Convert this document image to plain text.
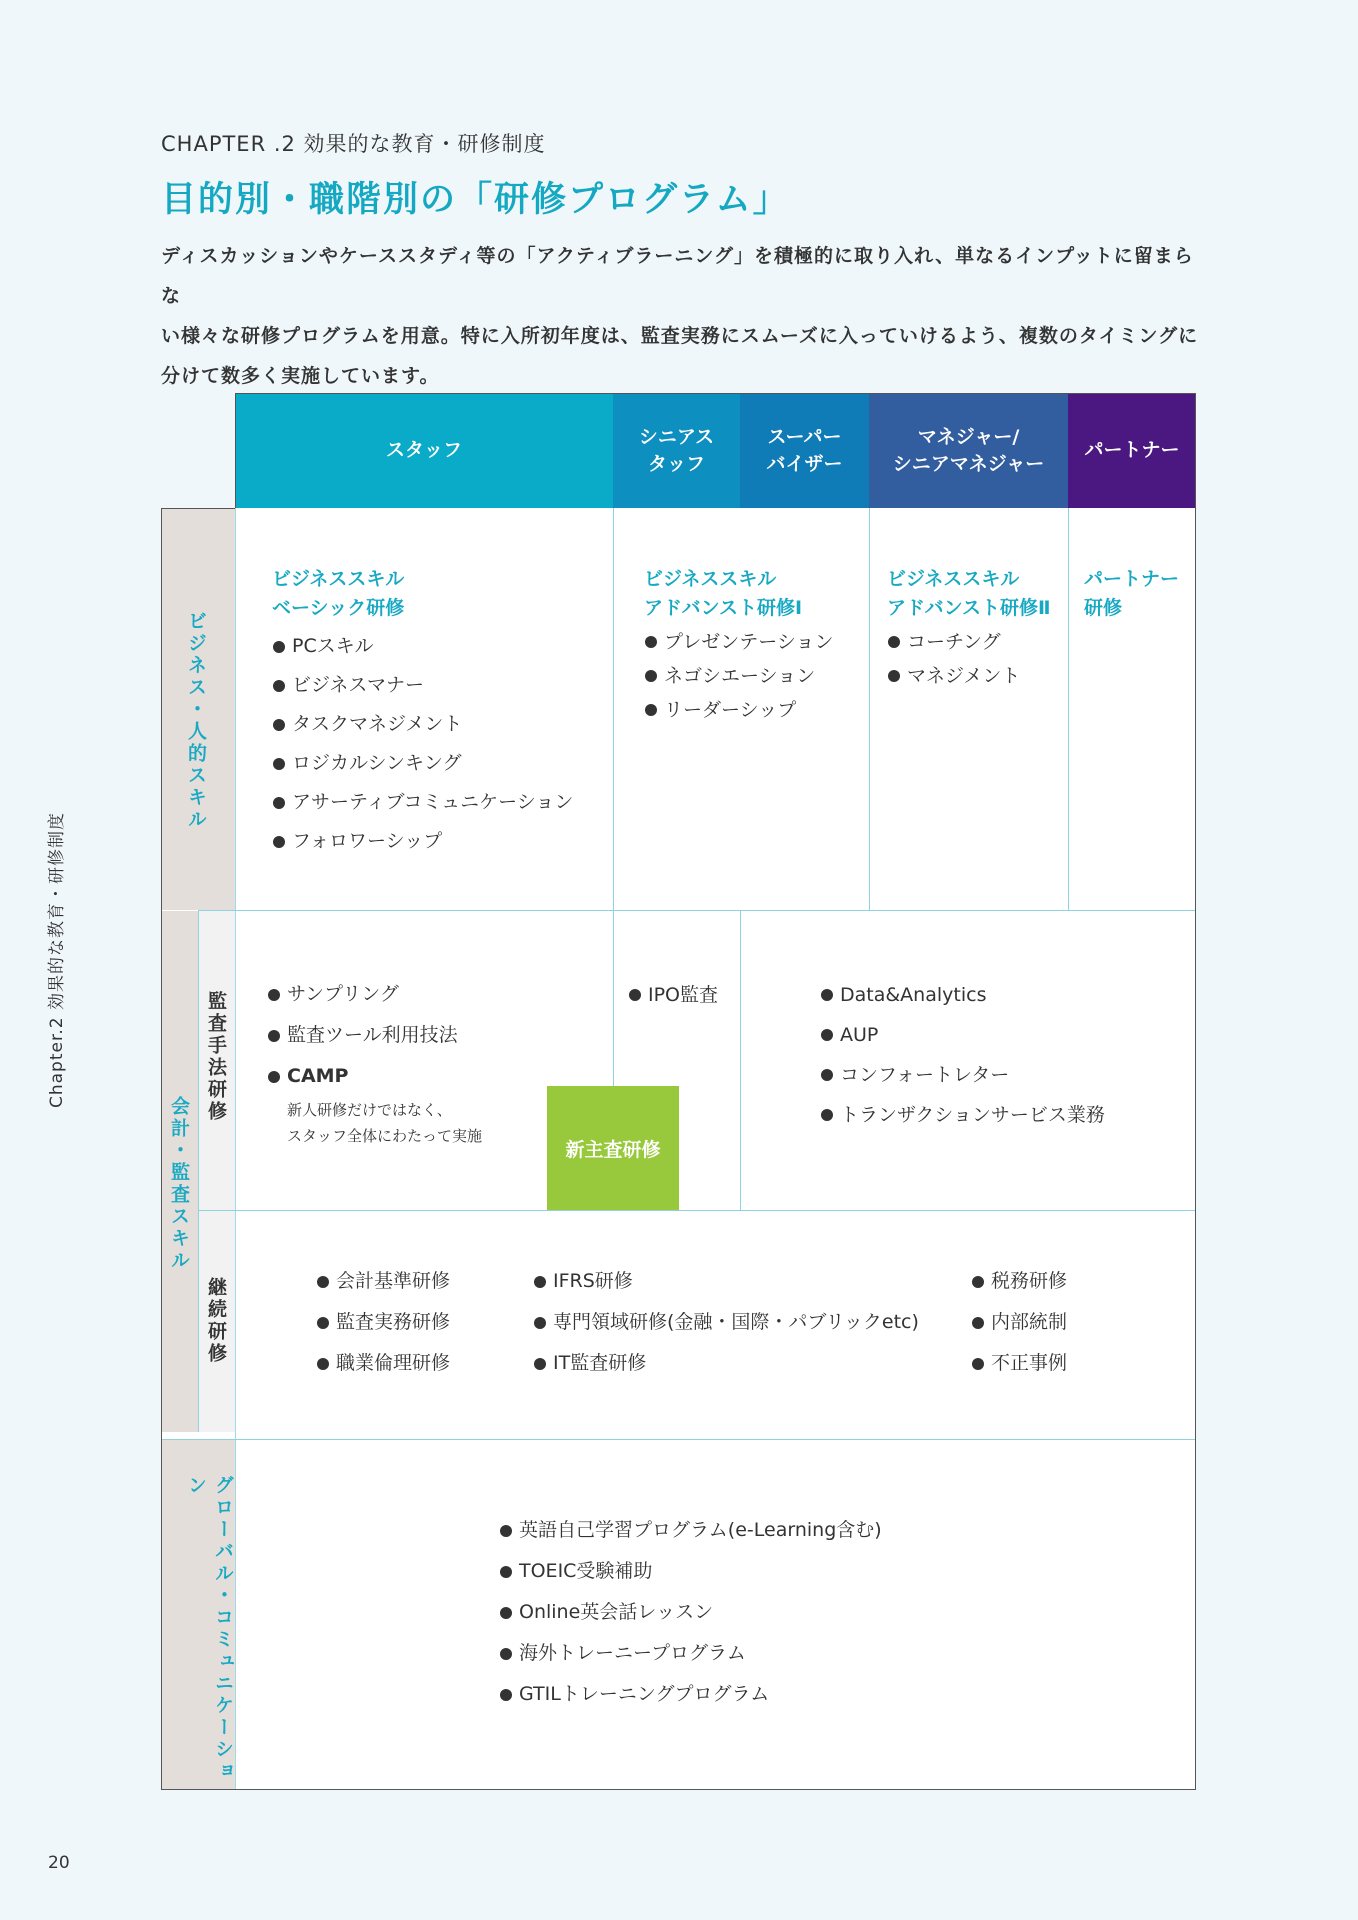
CHAPTER .2 効果的な教育・研修制度
目的別・職階別の「研修プログラム」
ディスカッションやケーススタディ等の「アクティブラーニング」を積極的に取り入れ、単なるインプットに留まらな
い様々な研修プログラムを用意。特に入所初年度は、監査実務にスムーズに入っていけるよう、複数のタイミングに
分けて数多く実施しています。
Chapter.2 効果的な教育・研修制度
20
スタッフ
シニアス
タッフ
スーパー
バイザー
マネジャー/
シニアマネジャー
パートナー
ビジネス・人的スキル
会計・監査スキル
監査手法研修
継続研修
グローバル・コミュニケーション
ビジネススキル
ベーシック研修
PCスキル
ビジネスマナー
タスクマネジメント
ロジカルシンキング
アサーティブコミュニケーション
フォロワーシップ
ビジネススキル
アドバンスト研修Ⅰ
プレゼンテーション
ネゴシエーション
リーダーシップ
ビジネススキル
アドバンスト研修Ⅱ
コーチング
マネジメント
パートナー
研修
サンプリング
監査ツール利用技法
CAMP
新人研修だけではなく、
スタッフ全体にわたって実施
新主査研修
IPO監査	Data&Analytics
AUP
コンフォートレター
トランザクションサービス業務
会計基準研修
監査実務研修
職業倫理研修
IFRS研修
専門領域研修(金融・国際・パブリックetc)
IT監査研修
税務研修
内部統制
不正事例
英語自己学習プログラム(e-Learning含む)
TOEIC受験補助
Online英会話レッスン
海外トレーニープログラム
GTILトレーニングプログラム
